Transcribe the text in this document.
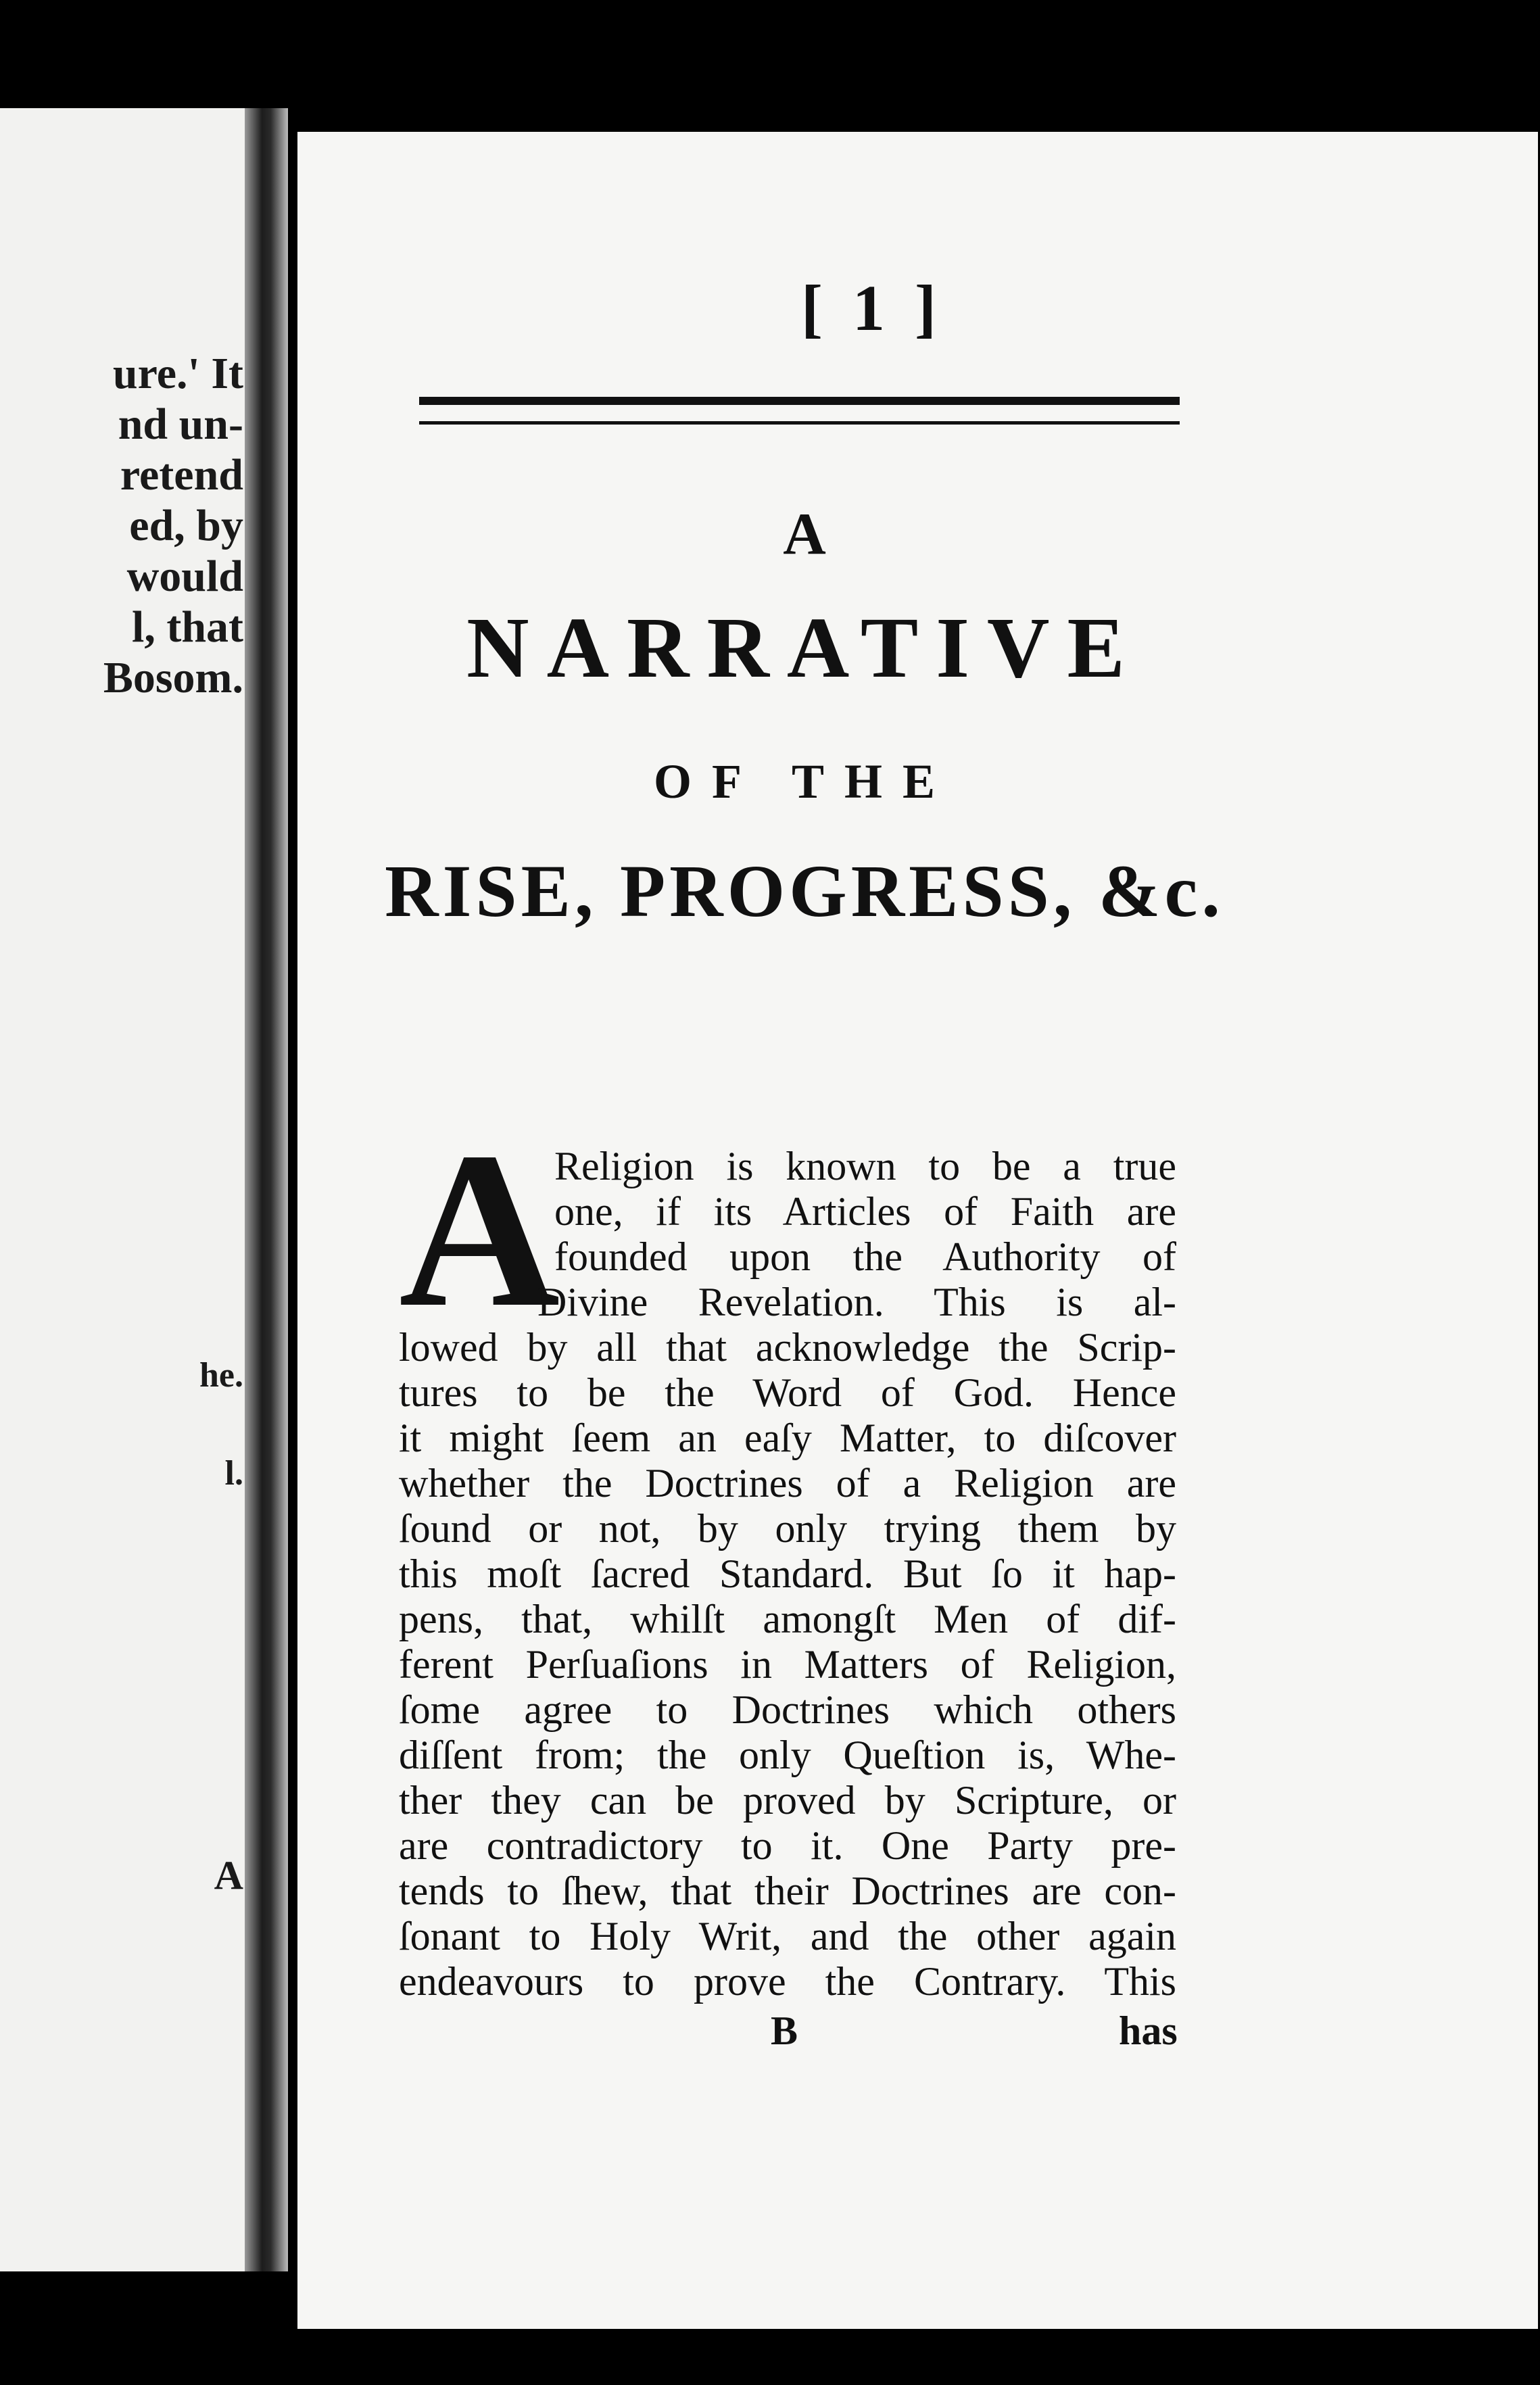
ure.' It
nd un-
retend
ed, by
would
l, that
Bosom.
he.
l.
A
[ 1 ]
A
NARRATIVE
OF THE
RISE, PROGRESS, &c.
A
Religion is known to be a true
one, if its Articles of Faith are
founded upon the Authority of
Divine Revelation. This is al-
lowed by all that acknowledge the Scrip-
tures to be the Word of God. Hence
it might ſeem an eaſy Matter, to diſcover
whether the Doctrines of a Religion are
ſound or not, by only trying them by
this moſt ſacred Standard. But ſo it hap-
pens, that, whilſt amongſt Men of dif-
ferent Perſuaſions in Matters of Religion,
ſome agree to Doctrines which others
diſſent from; the only Queſtion is, Whe-
ther they can be proved by Scripture, or
are contradictory to it. One Party pre-
tends to ſhew, that their Doctrines are con-
ſonant to Holy Writ, and the other again
endeavours to prove the Contrary. This
B	has
